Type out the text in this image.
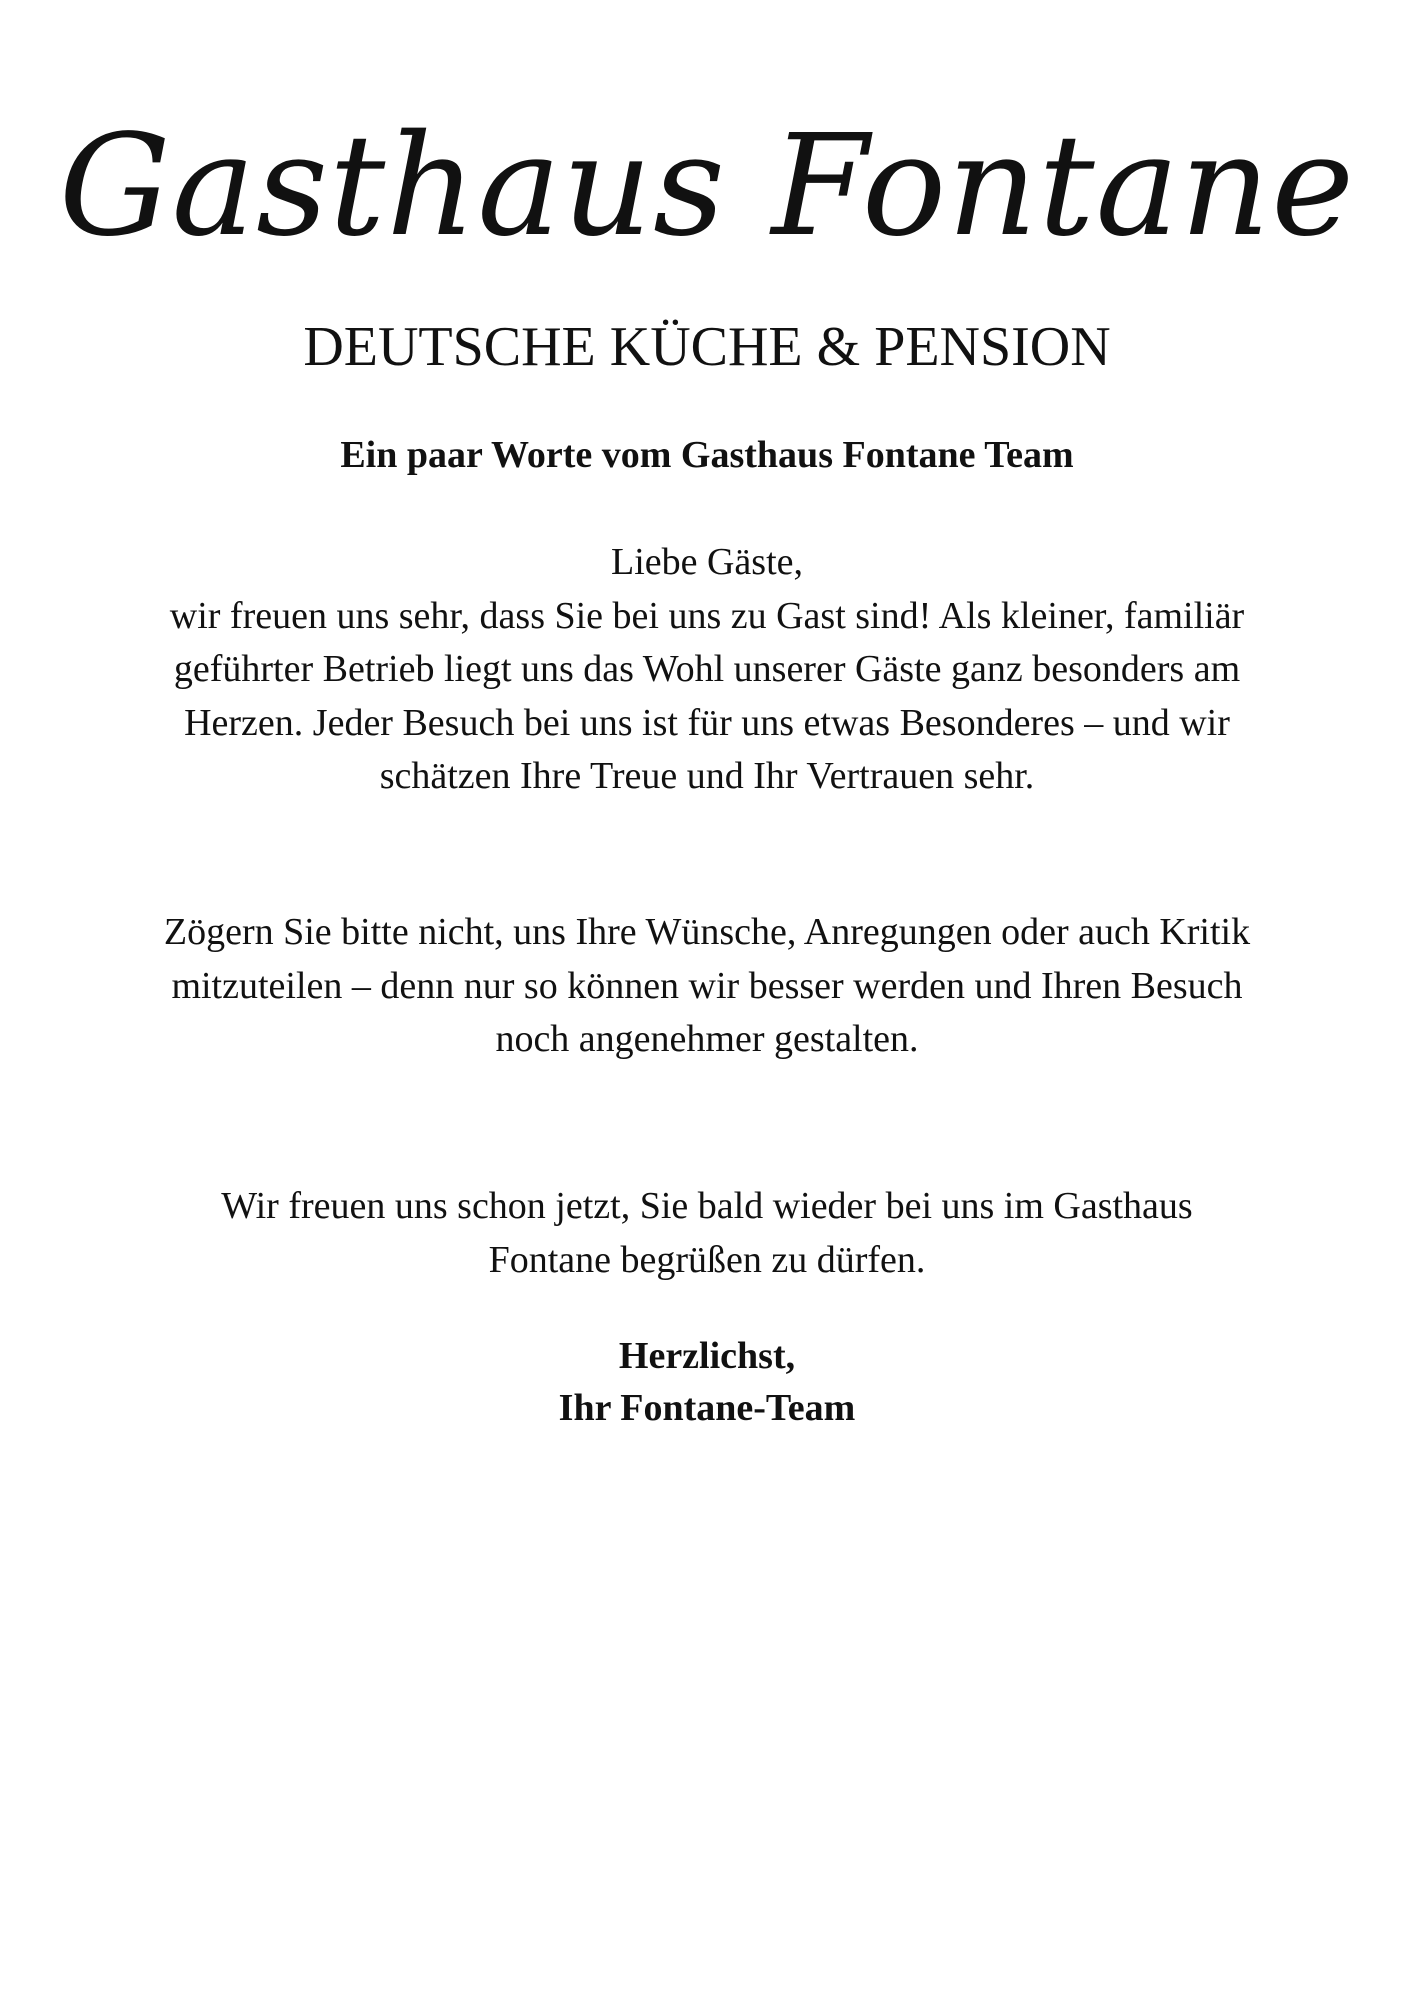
Gasthaus Fontane
DEUTSCHE KÜCHE & PENSION
Ein paar Worte vom Gasthaus Fontane Team

Liebe Gäste,
wir freuen uns sehr, dass Sie bei uns zu Gast sind! Als kleiner, familiär geführter Betrieb liegt uns das Wohl unserer Gäste ganz besonders am Herzen. Jeder Besuch bei uns ist für uns etwas Besonderes – und wir schätzen Ihre Treue und Ihr Vertrauen sehr.

Zögern Sie bitte nicht, uns Ihre Wünsche, Anregungen oder auch Kritik mitzuteilen – denn nur so können wir besser werden und Ihren Besuch noch angenehmer gestalten.

Wir freuen uns schon jetzt, Sie bald wieder bei uns im Gasthaus Fontane begrüßen zu dürfen.

Herzlichst,
Ihr Fontane-Team
